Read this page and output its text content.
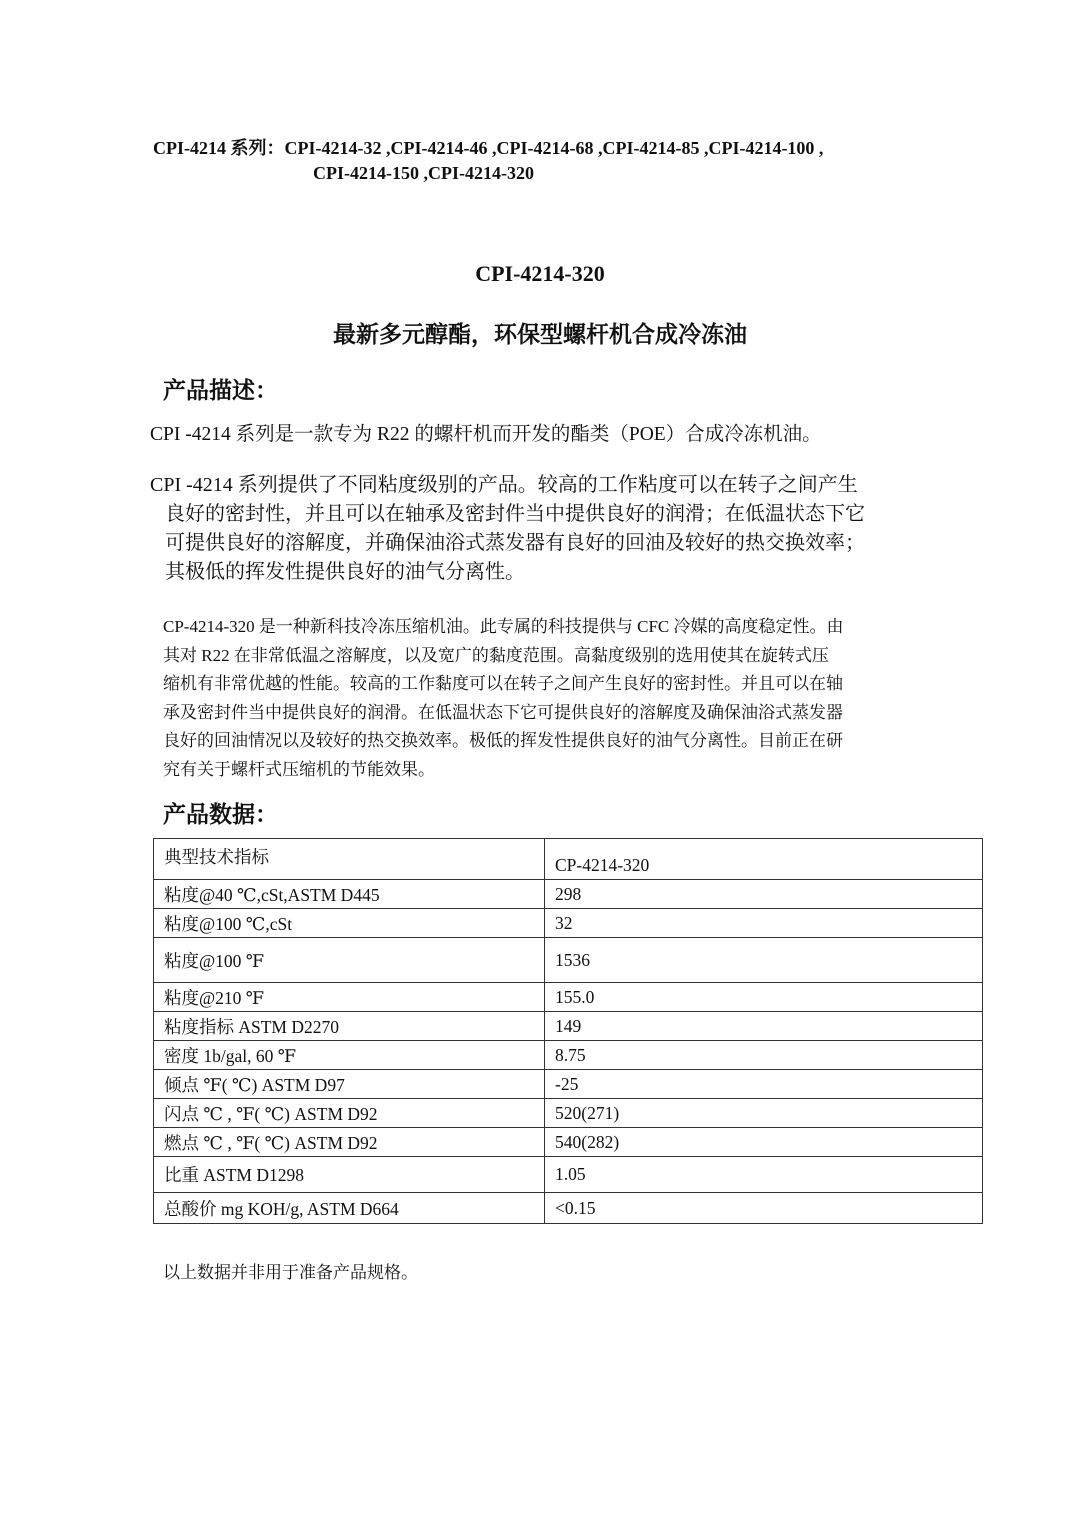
CPI-4214 系列：CPI-4214-32 ,CPI-4214-46 ,CPI-4214-68 ,CPI-4214-85 ,CPI-4214-100 ,
CPI-4214-150 ,CPI-4214-320
CPI-4214-320
最新多元醇酯，环保型螺杆机合成冷冻油
产品描述：
CPI -4214 系列是一款专为 R22 的螺杆机而开发的酯类（POE）合成冷冻机油。
CPI -4214 系列提供了不同粘度级别的产品。较高的工作粘度可以在转子之间产生
良好的密封性，并且可以在轴承及密封件当中提供良好的润滑；在低温状态下它
可提供良好的溶解度，并确保油浴式蒸发器有良好的回油及较好的热交换效率；
其极低的挥发性提供良好的油气分离性。
CP-4214-320 是一种新科技冷冻压缩机油。此专属的科技提供与 CFC 冷媒的高度稳定性。由
其对 R22 在非常低温之溶解度，以及宽广的黏度范围。高黏度级别的选用使其在旋转式压
缩机有非常优越的性能。较高的工作黏度可以在转子之间产生良好的密封性。并且可以在轴
承及密封件当中提供良好的润滑。在低温状态下它可提供良好的溶解度及确保油浴式蒸发器
良好的回油情况以及较好的热交换效率。极低的挥发性提供良好的油气分离性。目前正在研
究有关于螺杆式压缩机的节能效果。
产品数据：
典型技术指标	CP-4214-320
粘度@40 ℃,cSt,ASTM D445	298
粘度@100 ℃,cSt	32
粘度@100 ℉	1536
粘度@210 ℉	155.0
粘度指标 ASTM D2270	149
密度 1b/gal, 60 ℉	8.75
倾点 ℉( ℃) ASTM D97	-25
闪点 ℃ , ℉( ℃) ASTM D92	520(271)
燃点 ℃ , ℉( ℃) ASTM D92	540(282)
比重 ASTM D1298	1.05
总酸价 mg KOH/g, ASTM D664	<0.15
以上数据并非用于准备产品规格。
